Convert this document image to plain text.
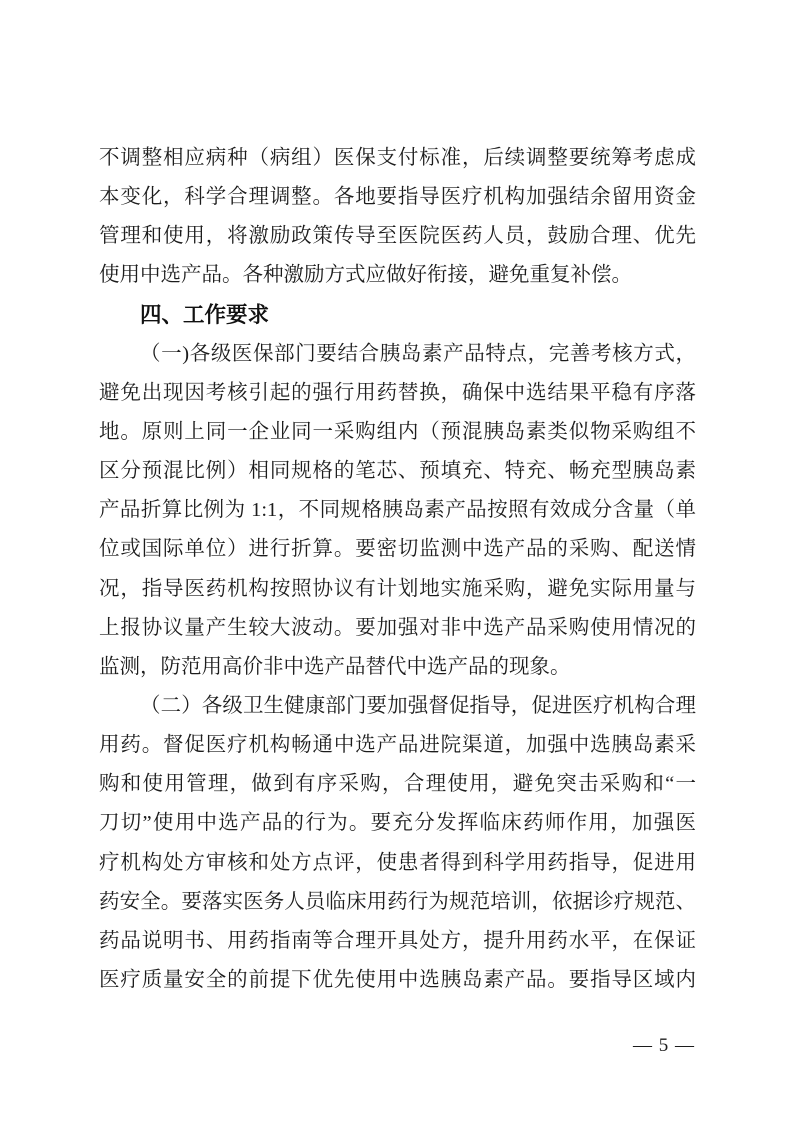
不调整相应病种（病组）医保支付标准，后续调整要统筹考虑成
本变化，科学合理调整。各地要指导医疗机构加强结余留用资金
管理和使用，将激励政策传导至医院医药人员，鼓励合理、优先
使用中选产品。各种激励方式应做好衔接，避免重复补偿。
四、工作要求
（一)各级医保部门要结合胰岛素产品特点，完善考核方式，
避免出现因考核引起的强行用药替换，确保中选结果平稳有序落
地。原则上同一企业同一采购组内（预混胰岛素类似物采购组不
区分预混比例）相同规格的笔芯、预填充、特充、畅充型胰岛素
产品折算比例为 1:1，不同规格胰岛素产品按照有效成分含量（单
位或国际单位）进行折算。要密切监测中选产品的采购、配送情
况，指导医药机构按照协议有计划地实施采购，避免实际用量与
上报协议量产生较大波动。要加强对非中选产品采购使用情况的
监测，防范用高价非中选产品替代中选产品的现象。
（二）各级卫生健康部门要加强督促指导，促进医疗机构合理
用药。督促医疗机构畅通中选产品进院渠道，加强中选胰岛素采
购和使用管理，做到有序采购，合理使用，避免突击采购和“一
刀切”使用中选产品的行为。要充分发挥临床药师作用，加强医
疗机构处方审核和处方点评，使患者得到科学用药指导，促进用
药安全。要落实医务人员临床用药行为规范培训，依据诊疗规范、
药品说明书、用药指南等合理开具处方，提升用药水平，在保证
医疗质量安全的前提下优先使用中选胰岛素产品。要指导区域内
— 5 —
